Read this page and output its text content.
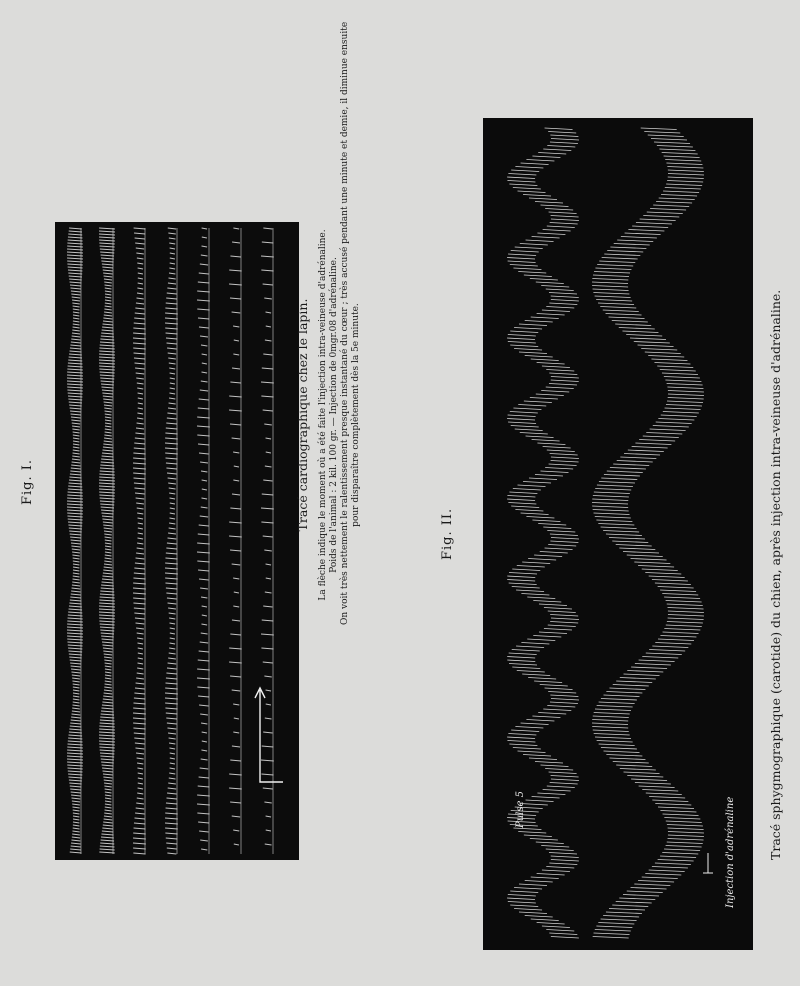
Fig. I.	Tracé cardiographique chez le lapin. La flèche indique le moment où a été faite l'injection intra-veineuse d'adrénaline. Poids de l'animal : 2 kil. 100 gr. — Injection de 0mgr.08 d'adrénaline. On voit très nettement le ralentissement presque instantané du cœur ; très accusé pendant une minute et demie, il diminue ensuite pour disparaître complètement dès la 5e minute.
Fig. II.
Pulse 5	Injection d'adrénaline	Tracé sphygmographique (carotide) du chien, après injection intra-veineuse d'adrénaline.
